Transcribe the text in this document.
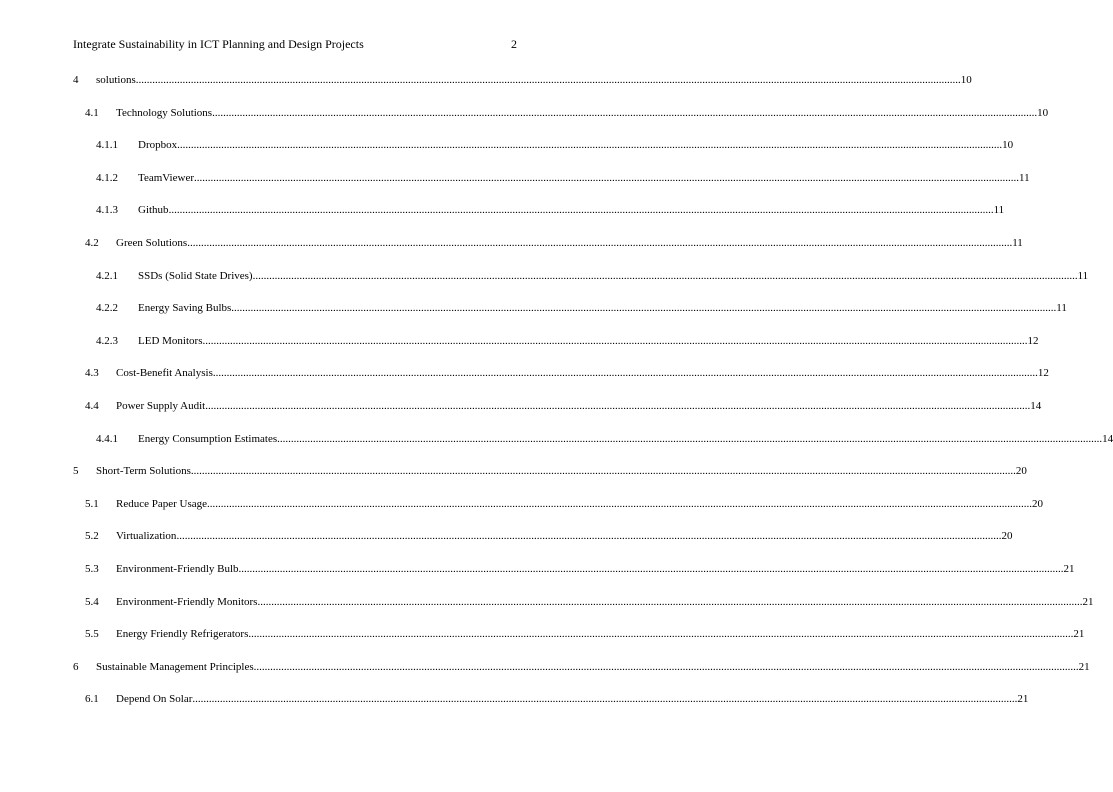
Integrate Sustainability in ICT Planning and Design Projects	2
4 solutions ............................................................................................................................................................................................................................................................................................................ 10
4.1 Technology Solutions ............................................................................................................................................................................................................................................................................................................ 10
4.1.1 Dropbox ............................................................................................................................................................................................................................................................................................................ 10
4.1.2 TeamViewer ............................................................................................................................................................................................................................................................................................................ 11
4.1.3 Github ............................................................................................................................................................................................................................................................................................................ 11
4.2 Green Solutions ............................................................................................................................................................................................................................................................................................................ 11
4.2.1 SSDs (Solid State Drives) ............................................................................................................................................................................................................................................................................................................ 11
4.2.2 Energy Saving Bulbs ............................................................................................................................................................................................................................................................................................................ 11
4.2.3 LED Monitors ............................................................................................................................................................................................................................................................................................................ 12
4.3 Cost-Benefit Analysis ............................................................................................................................................................................................................................................................................................................ 12
4.4 Power Supply Audit ............................................................................................................................................................................................................................................................................................................ 14
4.4.1 Energy Consumption Estimates ............................................................................................................................................................................................................................................................................................................ 14
5 Short-Term Solutions ............................................................................................................................................................................................................................................................................................................ 20
5.1 Reduce Paper Usage ............................................................................................................................................................................................................................................................................................................ 20
5.2 Virtualization ............................................................................................................................................................................................................................................................................................................ 20
5.3 Environment-Friendly Bulb ............................................................................................................................................................................................................................................................................................................ 21
5.4 Environment-Friendly Monitors ............................................................................................................................................................................................................................................................................................................ 21
5.5 Energy Friendly Refrigerators ............................................................................................................................................................................................................................................................................................................ 21
6 Sustainable Management Principles ............................................................................................................................................................................................................................................................................................................ 21
6.1 Depend On Solar ............................................................................................................................................................................................................................................................................................................ 21
